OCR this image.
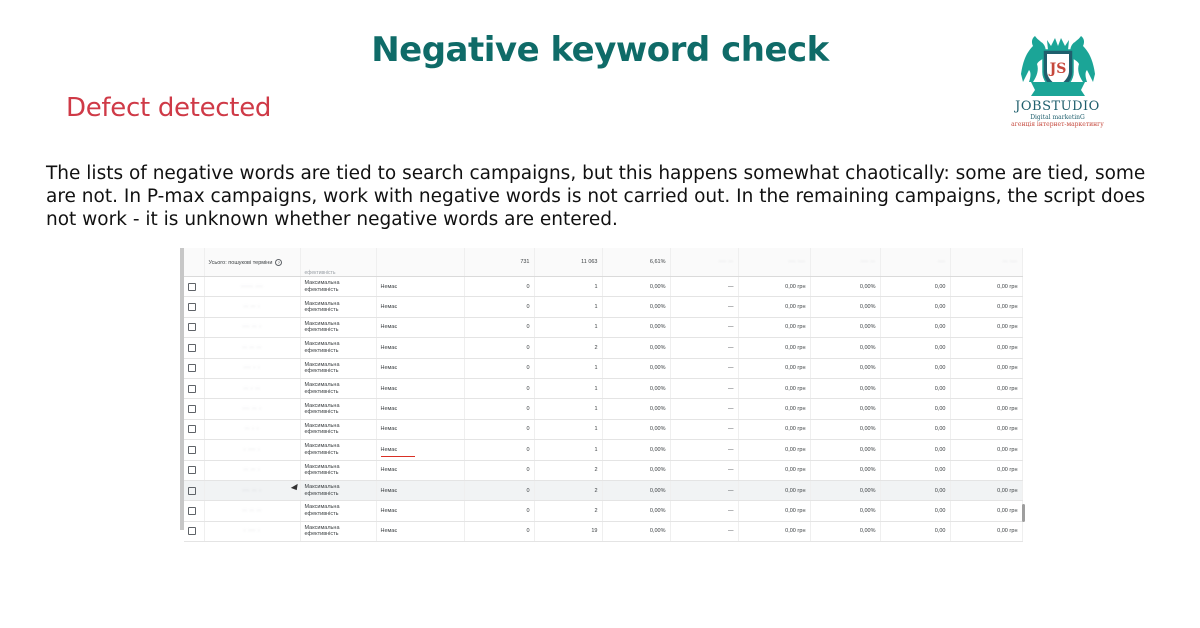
Negative keyword check
Defect detected
The lists of negative words are tied to search campaigns, but this happens somewhat chaotically: some are tied, some are not. In P-max campaigns, work with negative words is not carried out. In the remaining campaigns, the script does not work - it is unknown whether negative words are entered.
JS
JOBSTUDIO
Digital marketinG
агенція інтернет-маркетингу
	Усього: пошукові терміни ?	ефективність		731	11 063	6,61%	··· ··	··· ···	··· ··	···	·· ···
	····· ···	Максимальна
ефективність	Немає	0	1	0,00%	—	0,00 грн	0,00%	0,00	0,00 грн
	·· ·· ·	Максимальна
ефективність	Немає	0	1	0,00%	—	0,00 грн	0,00%	0,00	0,00 грн
	··· ·· ·	Максимальна
ефективність	Немає	0	1	0,00%	—	0,00 грн	0,00%	0,00	0,00 грн
	·· ·· ··	Максимальна
ефективність	Немає	0	2	0,00%	—	0,00 грн	0,00%	0,00	0,00 грн
	··· · ·	Максимальна
ефективність	Немає	0	1	0,00%	—	0,00 грн	0,00%	0,00	0,00 грн
	·· · ··	Максимальна
ефективність	Немає	0	1	0,00%	—	0,00 грн	0,00%	0,00	0,00 грн
	··· ·· ·	Максимальна
ефективність	Немає	0	1	0,00%	—	0,00 грн	0,00%	0,00	0,00 грн
	·· · ·	Максимальна
ефективність	Немає	0	1	0,00%	—	0,00 грн	0,00%	0,00	0,00 грн
	· ··· ·	Максимальна
ефективність	Немає	0	1	0,00%	—	0,00 грн	0,00%	0,00	0,00 грн
	·· ·· ·	Максимальна
ефективність	Немає	0	2	0,00%	—	0,00 грн	0,00%	0,00	0,00 грн
	··· ·· ·	Максимальна
ефективність	Немає	0	2	0,00%	—	0,00 грн	0,00%	0,00	0,00 грн
	·· ·· ··	Максимальна
ефективність	Немає	0	2	0,00%	—	0,00 грн	0,00%	0,00	0,00 грн
	· ··· ·	Максимальна
ефективність	Немає	0	19	0,00%	—	0,00 грн	0,00%	0,00	0,00 грн
